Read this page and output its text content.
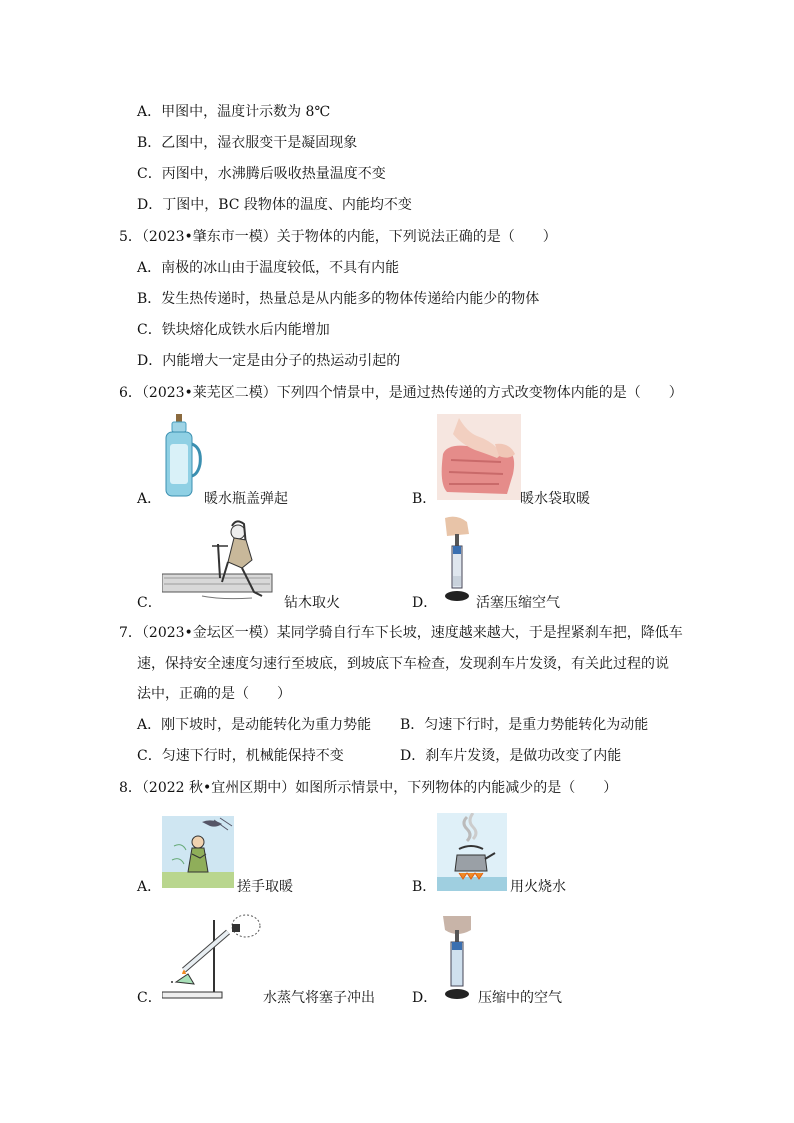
A．甲图中，温度计示数为 8℃
B．乙图中，湿衣服变干是凝固现象
C．丙图中，水沸腾后吸收热量温度不变
D．丁图中，BC 段物体的温度、内能均不变
5．（2023•肇东市一模）关于物体的内能，下列说法正确的是（　　）
A．南极的冰山由于温度较低，不具有内能
B．发生热传递时，热量总是从内能多的物体传递给内能少的物体
C．铁块熔化成铁水后内能增加
D．内能增大一定是由分子的热运动引起的
6．（2023•莱芜区二模）下列四个情景中，是通过热传递的方式改变物体内能的是（　　）
A．	暖水瓶盖弹起	B．	暖水袋取暖
C．	钻木取火	D．	活塞压缩空气
7．（2023•金坛区一模）某同学骑自行车下长坡，速度越来越大，于是捏紧刹车把，降低车
速，保持安全速度匀速行至坡底，到坡底下车检查，发现刹车片发烫，有关此过程的说
法中，正确的是（　　）
A．刚下坡时，是动能转化为重力势能 B．匀速下行时，是重力势能转化为动能
C．匀速下行时，机械能保持不变	D．刹车片发烫，是做功改变了内能
8．（2022 秋•宜州区期中）如图所示情景中，下列物体的内能减少的是（　　）
A．	搓手取暖	B．	用火烧水
C．	水蒸气将塞子冲出	D．	压缩中的空气
